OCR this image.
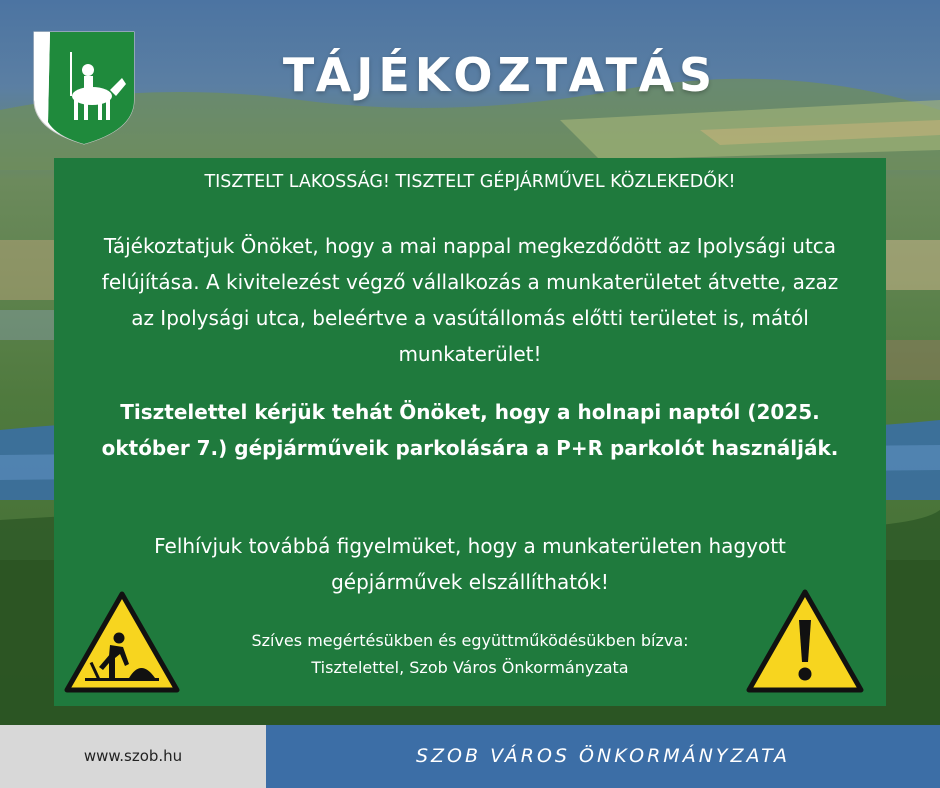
TÁJÉKOZTATÁS
TISZTELT LAKOSSÁG! TISZTELT GÉPJÁRMŰVEL KÖZLEKEDŐK!
Tájékoztatjuk Önöket, hogy a mai nappal megkezdődött az Ipolysági utca felújítása. A kivitelezést végző vállalkozás a munkaterületet átvette, azaz az Ipolysági utca, beleértve a vasútállomás előtti területet is, mától munkaterület!
Tisztelettel kérjük tehát Önöket, hogy a holnapi naptól (2025. október 7.) gépjárműveik parkolására a P+R parkolót használják.
Felhívjuk továbbá figyelmüket, hogy a munkaterületen hagyott gépjárművek elszállíthatók!
Szíves megértésükben és együttműködésükben bízva:
Tisztelettel, Szob Város Önkormányzata
www.szob.hu	SZOB VÁROS ÖNKORMÁNYZATA
